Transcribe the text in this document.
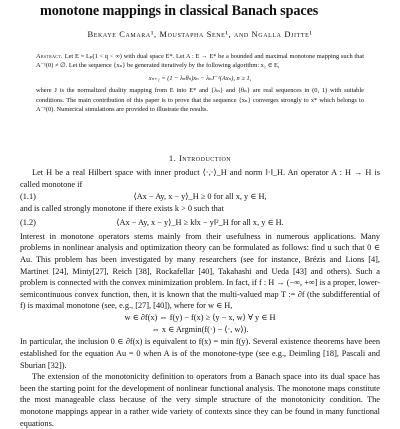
monotone mappings in classical Banach spaces
Bekaye Camara¹, Moustapha Sene¹, and Ngalla Djitte¹
Abstract. Let E = Lₚ(1 < q < ∞) with dual space E*. Let A : E → E* be a bounded and maximal monotone mapping such that A⁻¹(0) ≠ ∅. Let the sequence {xₙ} be generated iteratively by the following algorithm: x₁ ∈ E,
xₙ₊₁ = (1 − λₙθₙ)xₙ − λₙJ⁻¹(Axₙ), n ≥ 1,
where J is the normalized duality mapping from E into E* and {λₙ} and {θₙ} are real sequences in (0, 1) with suitable conditions. The main contribution of this paper is to prove that the sequence {xₙ} converges strongly to x* which belongs to A⁻¹(0). Numerical simulations are provided to illustrate the results.
1. Introduction

Let H be a real Hilbert space with inner product ⟨·,·⟩_H and norm ‖·‖_H. An operator A : H → H is called monotone if

(1.1)	⟨Ax − Ay, x − y⟩_H ≥ 0 for all x, y ∈ H,

and is called strongly monotone if there exists k > 0 such that

(1.2)	⟨Ax − Ay, x − y⟩_H ≥ k‖x − y‖²_H for all x, y ∈ H.

Interest in monotone operators stems mainly from their usefulness in numerous applications. Many problems in nonlinear analysis and optimization theory can be formulated as follows: find u such that 0 ∈ Au. This problem has been investigated by many researchers (see for instance, Brézis and Lions [4], Martinet [24], Minty[27], Reich [38], Rockafellar [40], Takahashi and Ueda [43] and others). Such a problem is connected with the convex minimization problem. In fact, if f : H → (−∞, +∞] is a proper, lower-semicontinuous convex function, then, it is known that the multi-valued map T := ∂f (the subdifferential of f) is maximal monotone (see, e.g., [27], [40]), where for w ∈ H,

w ∈ ∂f(x) ⇔ f(y) − f(x) ≥ ⟨y − x, w⟩ ∀ y ∈ H
⇔ x ∈ Argmin(f(·) − ⟨·, w⟩).

In particular, the inclusion 0 ∈ ∂f(x) is equivalent to f(x) = min f(y). Several existence theorems have been established for the equation Au = 0 when A is of the monotone-type (see e.g., Deimling [18], Pascali and Sburian [32]).

The extension of the monotonicity definition to operators from a Banach space into its dual space has been the starting point for the development of nonlinear functional analysis. The monotone maps constitute the most manageable class because of the very simple structure of the monotonicity condition. The monotone mappings appear in a rather wide variety of contexts since they can be found in many functional equations.
